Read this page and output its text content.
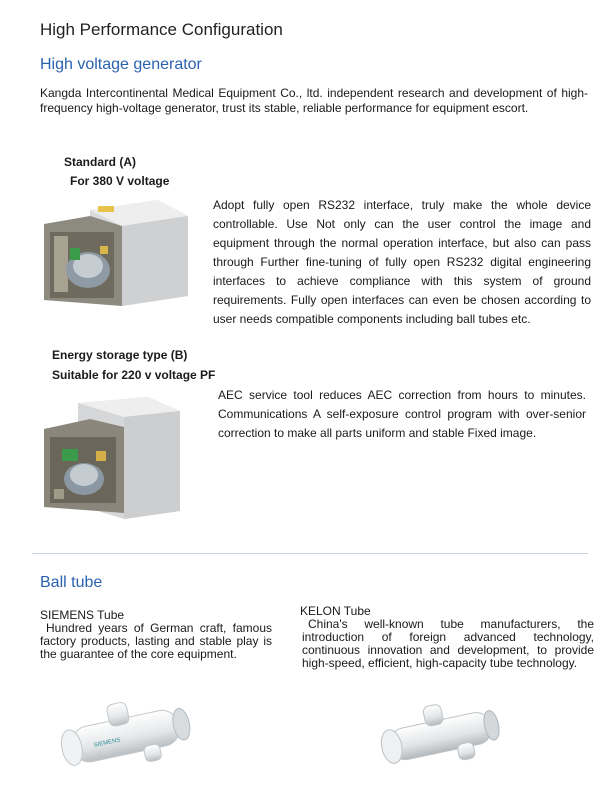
High Performance Configuration
High voltage generator
Kangda Intercontinental Medical Equipment Co., ltd. independent research and development of high-frequency high-voltage generator, trust its stable, reliable performance for equipment escort.
Standard (A)
For 380 V voltage
Adopt fully open RS232 interface, truly make the whole device controllable. Use Not only can the user control the image and equipment through the normal operation interface, but also can pass through Further fine-tuning of fully open RS232 digital engineering interfaces to achieve compliance with this system of ground requirements. Fully open interfaces can even be chosen according to user needs compatible components including ball tubes etc.
Energy storage type (B)
Suitable for 220 v voltage PF
AEC service tool reduces AEC correction from hours to minutes. Communications A self-exposure control program with over-senior correction to make all parts uniform and stable Fixed image.
Ball tube
SIEMENS Tube
Hundred years of German craft, famous factory products, lasting and stable play is the guarantee of the core equipment.
KELON Tube
China's well-known tube manufacturers, the introduction of foreign advanced technology, continuous innovation and development, to provide high-speed, efficient, high-capacity tube technology.
SIEMENS
